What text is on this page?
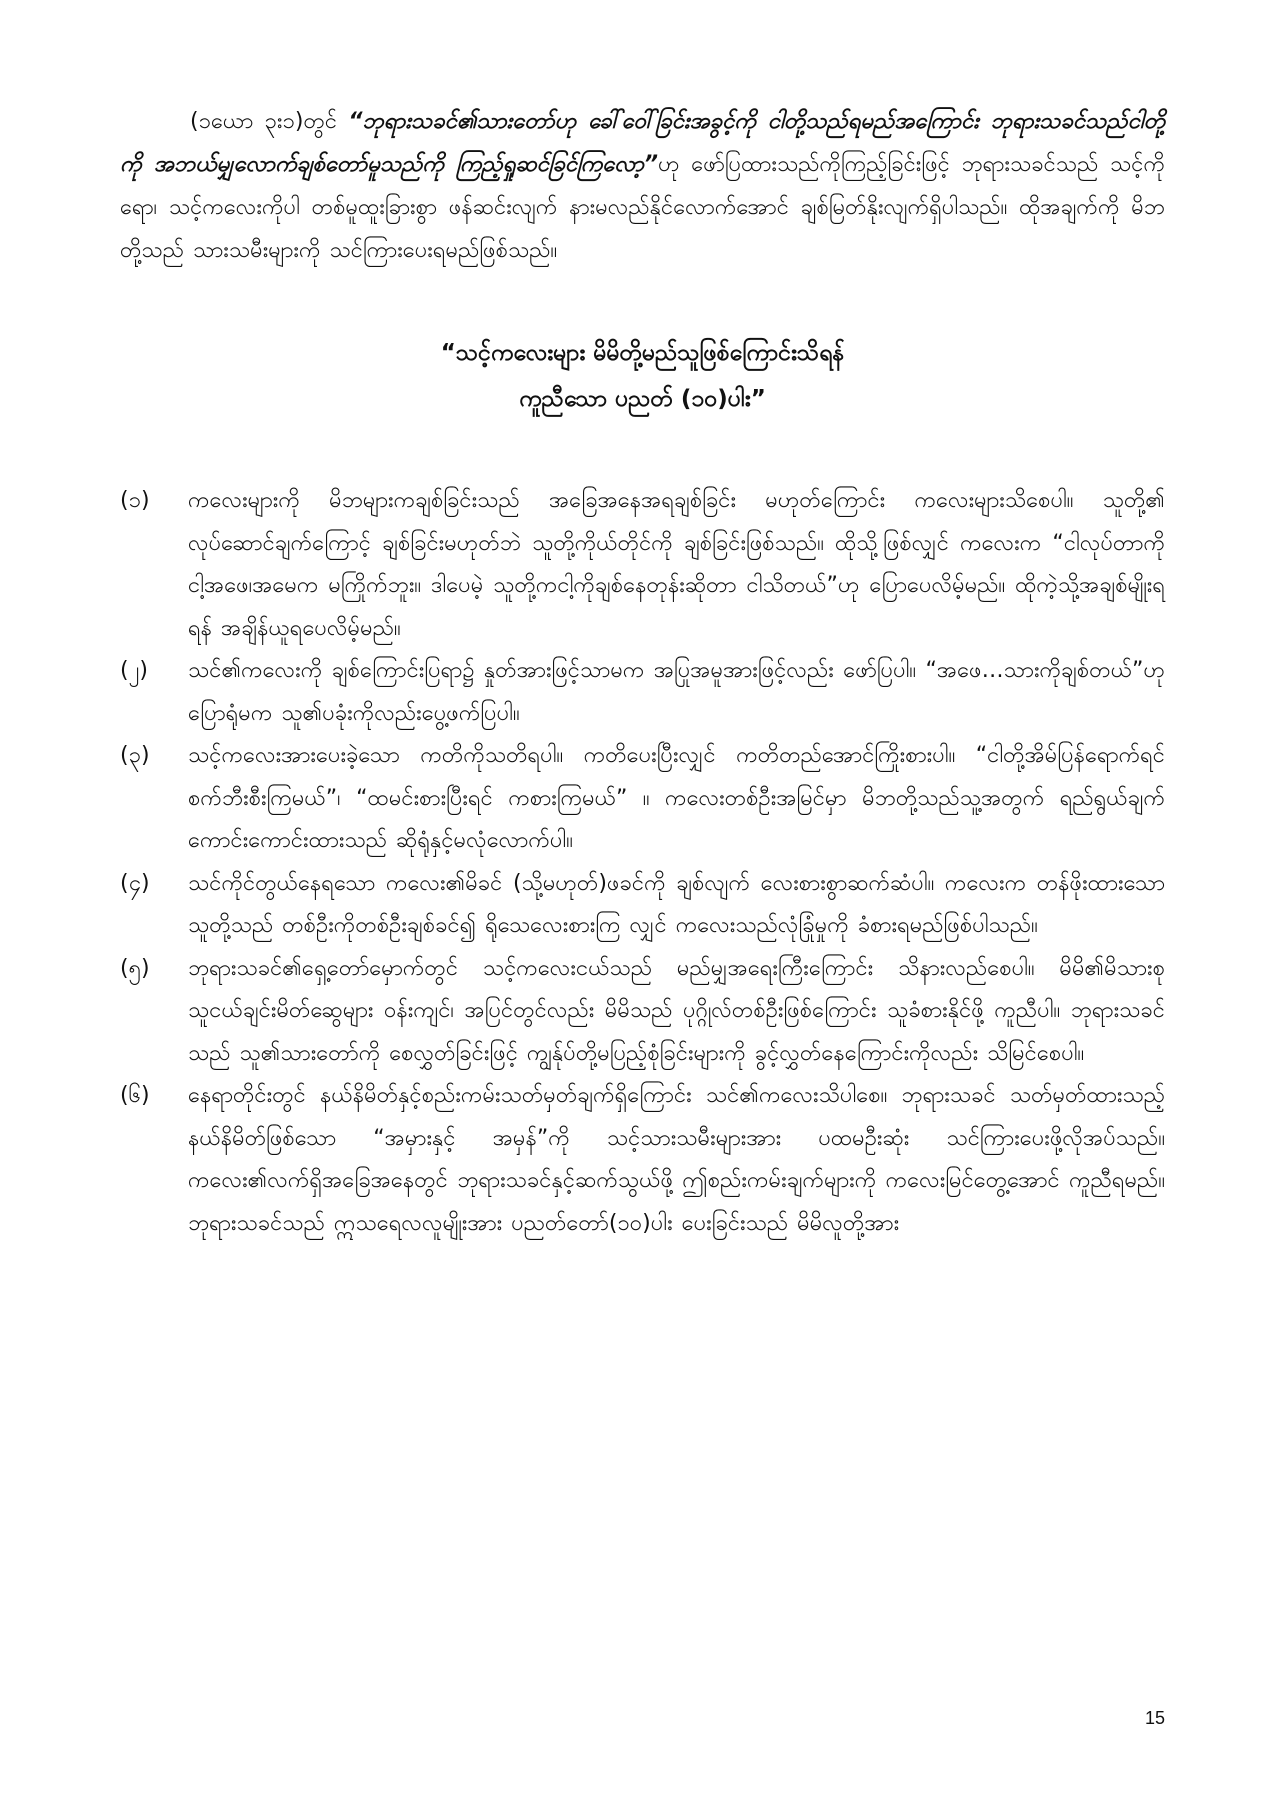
(၁ယော ၃း၁)တွင် “ဘုရားသခင်၏သားတော်ဟု ခေါ်ဝေါ်ခြင်းအခွင့်ကို ငါတို့သည်ရမည်အကြောင်း ဘုရားသခင်သည်ငါတို့ကို အဘယ်မျှလောက်ချစ်တော်မူသည်ကို ကြည့်ရှုဆင်ခြင်ကြလော့”ဟု ဖော်ပြထားသည်ကိုကြည့်ခြင်းဖြင့် ဘုရားသခင်သည် သင့်ကိုရော၊ သင့်ကလေးကိုပါ တစ်မူထူးခြားစွာ ဖန်ဆင်းလျက် နားမလည်နိုင်လောက်အောင် ချစ်မြတ်နိုးလျက်ရှိပါသည်။ ထိုအချက်ကို မိဘတို့သည် သားသမီးများကို သင်ကြားပေးရမည်ဖြစ်သည်။

“သင့်ကလေးများ မိမိတို့မည်သူဖြစ်ကြောင်းသိရန်
ကူညီသော ပညတ် (၁၀)ပါး”
(၁)	ကလေးများကို မိဘများကချစ်ခြင်းသည် အခြေအနေအရချစ်ခြင်း မဟုတ်ကြောင်း ကလေးများသိစေပါ။ သူတို့၏ လုပ်ဆောင်ချက်ကြောင့် ချစ်ခြင်းမဟုတ်ဘဲ သူတို့ကိုယ်တိုင်ကို ချစ်ခြင်းဖြစ်သည်။ ထိုသို့ဖြစ်လျှင် ကလေးက “ငါလုပ်တာကို ငါ့အဖေ၊အမေက မကြိုက်ဘူး။ ဒါပေမဲ့ သူတို့ကငါ့ကိုချစ်နေတုန်းဆိုတာ ငါသိတယ်”ဟု ပြောပေလိမ့်မည်။ ထိုကဲ့သို့အချစ်မျိုးရရန် အချိန်ယူရပေလိမ့်မည်။
(၂)	သင်၏ကလေးကို ချစ်ကြောင်းပြရာ၌ နှုတ်အားဖြင့်သာမက အပြုအမူအားဖြင့်လည်း ဖော်ပြပါ။ “အဖေ…သားကိုချစ်တယ်”ဟု ပြောရုံမက သူ၏ပခုံးကိုလည်းပွေ့ဖက်ပြပါ။
(၃)	သင့်ကလေးအားပေးခဲ့သော ကတိကိုသတိရပါ။ ကတိပေးပြီးလျှင် ကတိတည်အောင်ကြိုးစားပါ။ “ငါတို့အိမ်ပြန်ရောက်ရင် စက်ဘီးစီးကြမယ်”၊ “ထမင်းစားပြီးရင် ကစားကြမယ်” ။ ကလေးတစ်ဦးအမြင်မှာ မိဘတို့သည်သူ့အတွက် ရည်ရွယ်ချက်ကောင်းကောင်းထားသည် ဆိုရုံနှင့်မလုံလောက်ပါ။
(၄)	သင်ကိုင်တွယ်နေရသော ကလေး၏မိခင် (သို့မဟုတ်)ဖခင်ကို ချစ်လျက် လေးစားစွာဆက်ဆံပါ။ ကလေးက တန်ဖိုးထားသောသူတို့သည် တစ်ဦးကိုတစ်ဦးချစ်ခင်၍ ရိုသေလေးစားကြ လျှင် ကလေးသည်လုံခြုံမှုကို ခံစားရမည်ဖြစ်ပါသည်။
(၅)	ဘုရားသခင်၏ရှေ့တော်မှောက်တွင် သင့်ကလေးငယ်သည် မည်မျှအရေးကြီးကြောင်း သိနားလည်စေပါ။ မိမိ၏မိသားစု သူငယ်ချင်းမိတ်ဆွေများ ဝန်းကျင်၊ အပြင်တွင်လည်း မိမိသည် ပုဂ္ဂိုလ်တစ်ဦးဖြစ်ကြောင်း သူခံစားနိုင်ဖို့ ကူညီပါ။ ဘုရားသခင်သည် သူ၏သားတော်ကို စေလွှတ်ခြင်းဖြင့် ကျွန်ုပ်တို့မပြည့်စုံခြင်းများကို ခွင့်လွှတ်နေကြောင်းကိုလည်း သိမြင်စေပါ။
(၆)	နေရာတိုင်းတွင် နယ်နိမိတ်နှင့်စည်းကမ်းသတ်မှတ်ချက်ရှိကြောင်း သင်၏ကလေးသိပါစေ။ ဘုရားသခင် သတ်မှတ်ထားသည့် နယ်နိမိတ်ဖြစ်သော “အမှားနှင့် အမှန်”ကို သင့်သားသမီးများအား ပထမဦးဆုံး သင်ကြားပေးဖို့လိုအပ်သည်။ ကလေး၏လက်ရှိအခြေအနေတွင် ဘုရားသခင်နှင့်ဆက်သွယ်ဖို့ ဤစည်းကမ်းချက်များကို ကလေးမြင်တွေ့အောင် ကူညီရမည်။ ဘုရားသခင်သည် ဣသရေလလူမျိုးအား ပညတ်တော်(၁၀)ပါး ပေးခြင်းသည် မိမိလူတို့အား
15
